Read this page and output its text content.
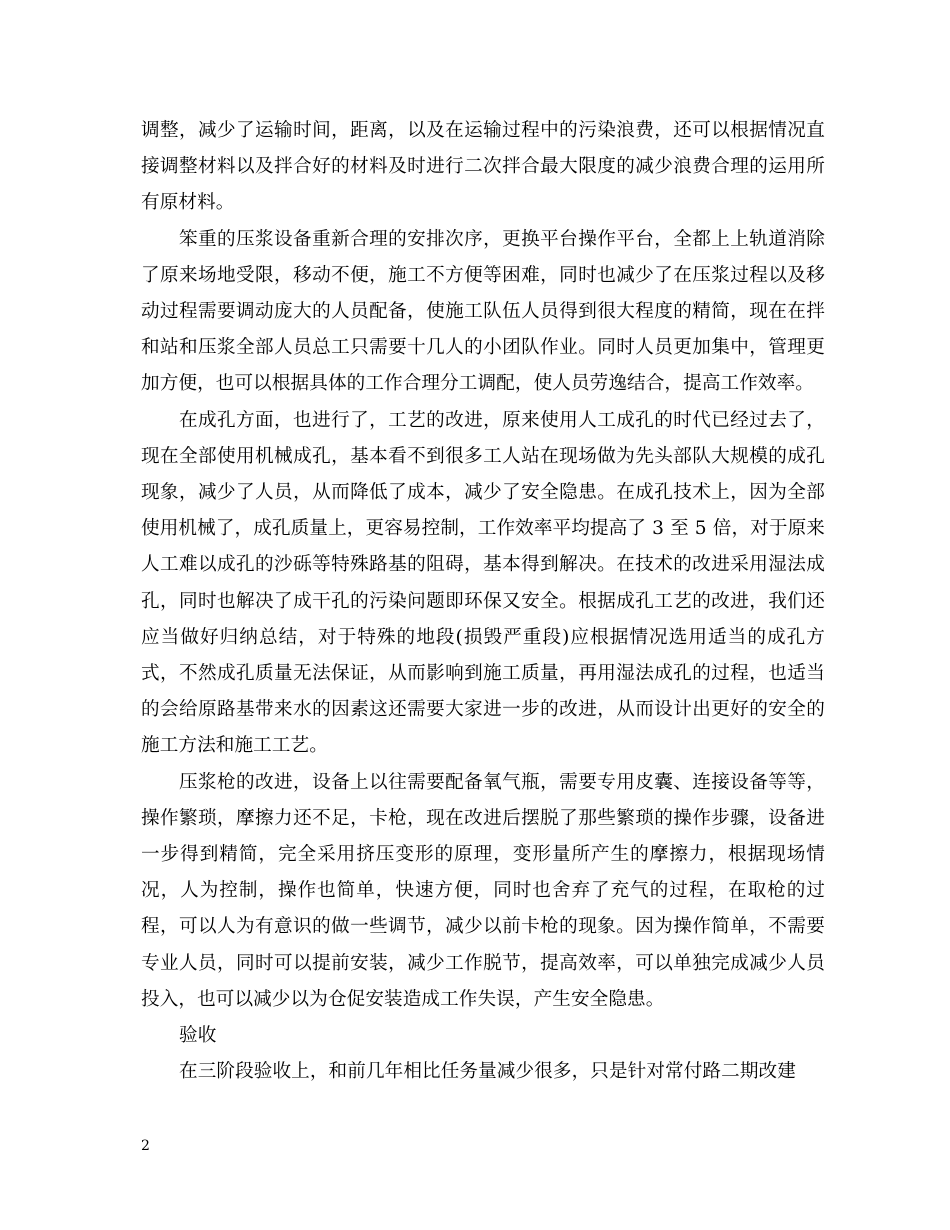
调整，减少了运输时间，距离，以及在运输过程中的污染浪费，还可以根据情况直接调整材料以及拌合好的材料及时进行二次拌合最大限度的减少浪费合理的运用所有原材料。

笨重的压浆设备重新合理的安排次序，更换平台操作平台，全都上上轨道消除了原来场地受限，移动不便，施工不方便等困难，同时也减少了在压浆过程以及移动过程需要调动庞大的人员配备，使施工队伍人员得到很大程度的精简，现在在拌和站和压浆全部人员总工只需要十几人的小团队作业。同时人员更加集中，管理更加方便，也可以根据具体的工作合理分工调配，使人员劳逸结合，提高工作效率。

在成孔方面，也进行了，工艺的改进，原来使用人工成孔的时代已经过去了，现在全部使用机械成孔，基本看不到很多工人站在现场做为先头部队大规模的成孔现象，减少了人员，从而降低了成本，减少了安全隐患。在成孔技术上，因为全部使用机械了，成孔质量上，更容易控制，工作效率平均提高了 3 至 5 倍，对于原来人工难以成孔的沙砾等特殊路基的阻碍，基本得到解决。在技术的改进采用湿法成孔，同时也解决了成干孔的污染问题即环保又安全。根据成孔工艺的改进，我们还应当做好归纳总结，对于特殊的地段(损毁严重段)应根据情况选用适当的成孔方式，不然成孔质量无法保证，从而影响到施工质量，再用湿法成孔的过程，也适当的会给原路基带来水的因素这还需要大家进一步的改进，从而设计出更好的安全的施工方法和施工工艺。

压浆枪的改进，设备上以往需要配备氧气瓶，需要专用皮囊、连接设备等等，操作繁琐，摩擦力还不足，卡枪，现在改进后摆脱了那些繁琐的操作步骤，设备进一步得到精简，完全采用挤压变形的原理，变形量所产生的摩擦力，根据现场情况，人为控制，操作也简单，快速方便，同时也舍弃了充气的过程，在取枪的过程，可以人为有意识的做一些调节，减少以前卡枪的现象。因为操作简单，不需要专业人员，同时可以提前安装，减少工作脱节，提高效率，可以单独完成减少人员投入，也可以减少以为仓促安装造成工作失误，产生安全隐患。

验收

在三阶段验收上，和前几年相比任务量减少很多，只是针对常付路二期改建

2
